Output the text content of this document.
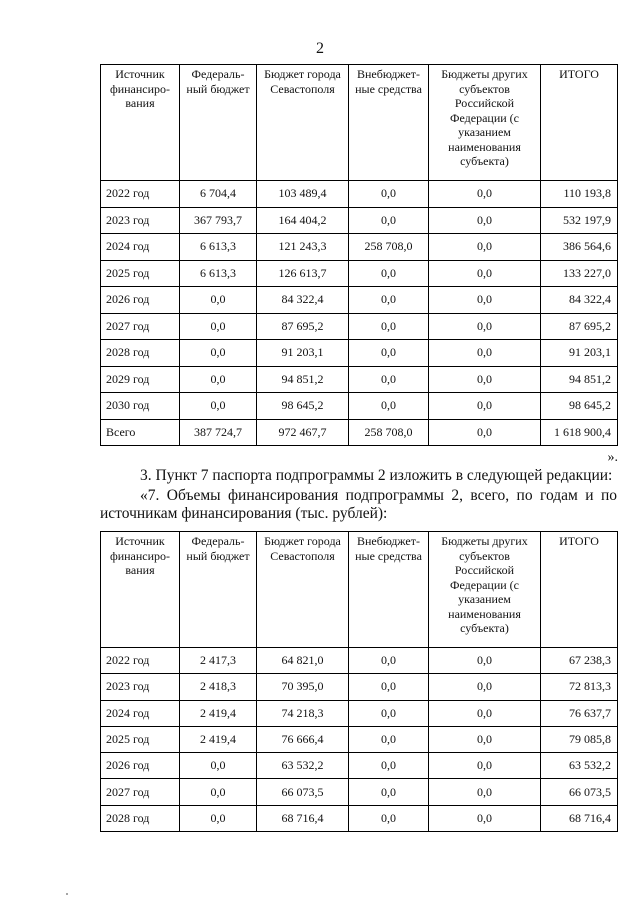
2
Источник финансиро-вания	Федераль-ный бюджет	Бюджет города Севастополя	Внебюджет-ные средства	Бюджеты других субъектов Российской Федерации (с указанием наименования субъекта)	ИТОГО
2022 год	6 704,4	103 489,4	0,0	0,0	110 193,8
2023 год	367 793,7	164 404,2	0,0	0,0	532 197,9
2024 год	6 613,3	121 243,3	258 708,0	0,0	386 564,6
2025 год	6 613,3	126 613,7	0,0	0,0	133 227,0
2026 год	0,0	84 322,4	0,0	0,0	84 322,4
2027 год	0,0	87 695,2	0,0	0,0	87 695,2
2028 год	0,0	91 203,1	0,0	0,0	91 203,1
2029 год	0,0	94 851,2	0,0	0,0	94 851,2
2030 год	0,0	98 645,2	0,0	0,0	98 645,2
Всего	387 724,7	972 467,7	258 708,0	0,0	1 618 900,4
».
3. Пункт 7 паспорта подпрограммы 2 изложить в следующей редакции:
«7. Объемы финансирования подпрограммы 2, всего, по годам и по источникам финансирования (тыс. рублей):
Источник финансиро-вания	Федераль-ный бюджет	Бюджет города Севастополя	Внебюджет-ные средства	Бюджеты других субъектов Российской Федерации (с указанием наименования субъекта)	ИТОГО
2022 год	2 417,3	64 821,0	0,0	0,0	67 238,3
2023 год	2 418,3	70 395,0	0,0	0,0	72 813,3
2024 год	2 419,4	74 218,3	0,0	0,0	76 637,7
2025 год	2 419,4	76 666,4	0,0	0,0	79 085,8
2026 год	0,0	63 532,2	0,0	0,0	63 532,2
2027 год	0,0	66 073,5	0,0	0,0	66 073,5
2028 год	0,0	68 716,4	0,0	0,0	68 716,4
